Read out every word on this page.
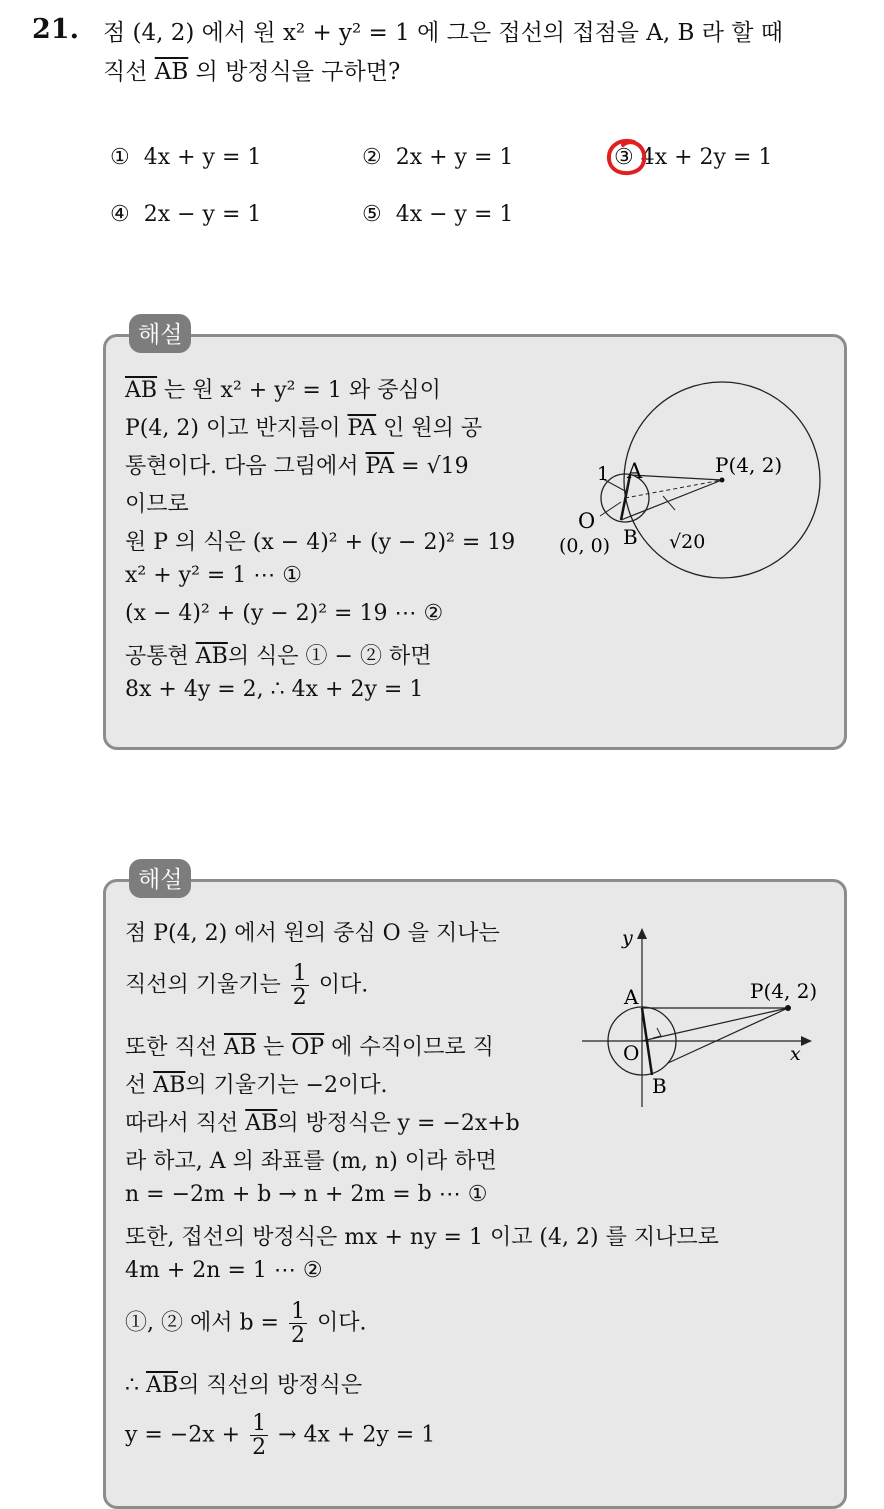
21. 점 (4, 2) 에서 원 x² + y² = 1 에 그은 접선의 접점을 A, B 라 할 때
직선 $\overline{AB}$ 의 방정식을 구하면?
① 4x + y = 1	② 2x + y = 1	③ 4x + 2y = 1
④ 2x − y = 1	⑤ 4x − y = 1
해설
$\overline{AB}$ 는 원 x² + y² = 1 와 중심이
P(4, 2) 이고 반지름이 $\overline{PA}$ 인 원의 공
통현이다. 다음 그림에서 $\overline{PA} = √19$
이므로
원 P 의 식은 (x − 4)² + (y − 2)² = 19
x² + y² = 1 ⋯ ①
(x − 4)² + (y − 2)² = 19 ⋯ ②
공통현 $\overline{AB}$의 식은 ① − ② 하면
8x + 4y = 2, ∴ 4x + 2y = 1
1 A	P(4, 2)
O
(0, 0) B √20
해설
점 P(4, 2) 에서 원의 중심 O 을 지나는
직선의 기울기는 $\frac{1}{2}$ 이다.
또한 직선 $\overline{AB}$ 는 $\overline{OP}$ 에 수직이므로 직
선 $\overline{AB}$의 기울기는 −2이다.
따라서 직선 $\overline{AB}$의 방정식은 y = −2x+b
라 하고, A 의 좌표를 (m, n) 이라 하면
n = −2m + b → n + 2m = b ⋯ ①
또한, 접선의 방정식은 mx + ny = 1 이고 (4, 2) 를 지나므로
4m + 2n = 1 ⋯ ②
①, ② 에서 $b = \frac{1}{2}$ 이다.
∴ $\overline{AB}$의 직선의 방정식은
$y = -2x + \frac{1}{2} \to 4x + 2y = 1$
y
x
A	P(4, 2)
O
B
